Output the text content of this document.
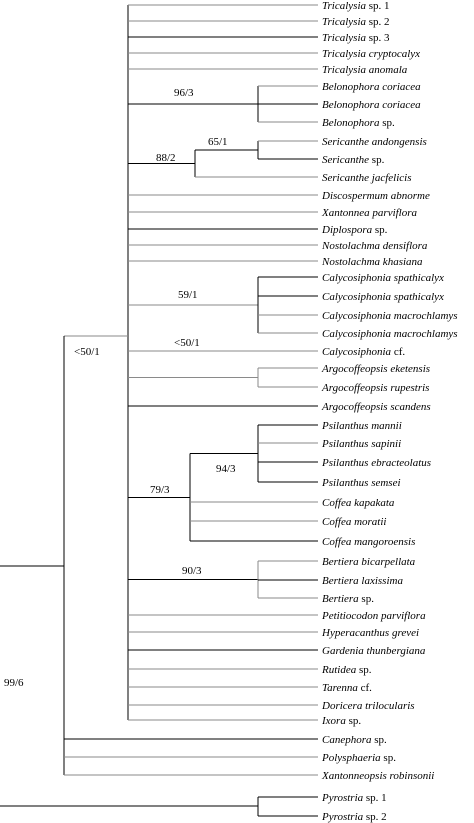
Tricalysia sp. 1
Tricalysia sp. 2
Tricalysia sp. 3
Tricalysia cryptocalyx
Tricalysia anomala
Belonophora coriacea
Belonophora coriacea
Belonophora sp.
Sericanthe andongensis
Sericanthe sp.
Sericanthe jacfelicis
Discospermum abnorme
Xantonnea parviflora
Diplospora sp.
Nostolachma densiflora
Nostolachma khasiana
Calycosiphonia spathicalyx
Calycosiphonia spathicalyx
Calycosiphonia macrochlamys
Calycosiphonia macrochlamys
Calycosiphonia cf.
Argocoffeopsis eketensis
Argocoffeopsis rupestris
Argocoffeopsis scandens
Psilanthus mannii
Psilanthus sapinii
Psilanthus ebracteolatus
Psilanthus semsei
Coffea kapakata
Coffea moratii
Coffea mangoroensis
Bertiera bicarpellata
Bertiera laxissima
Bertiera sp.
Petitiocodon parviflora
Hyperacanthus grevei
Gardenia thunbergiana
Rutidea sp.
Tarenna cf.
Doricera trilocularis
Ixora sp.
Canephora sp.
Polysphaeria sp.
Xantonneopsis robinsonii
Pyrostria sp. 1
Pyrostria sp. 2
96/3
65/1
88/2
59/1
<50/1
<50/1
94/3
79/3
90/3
99/6
